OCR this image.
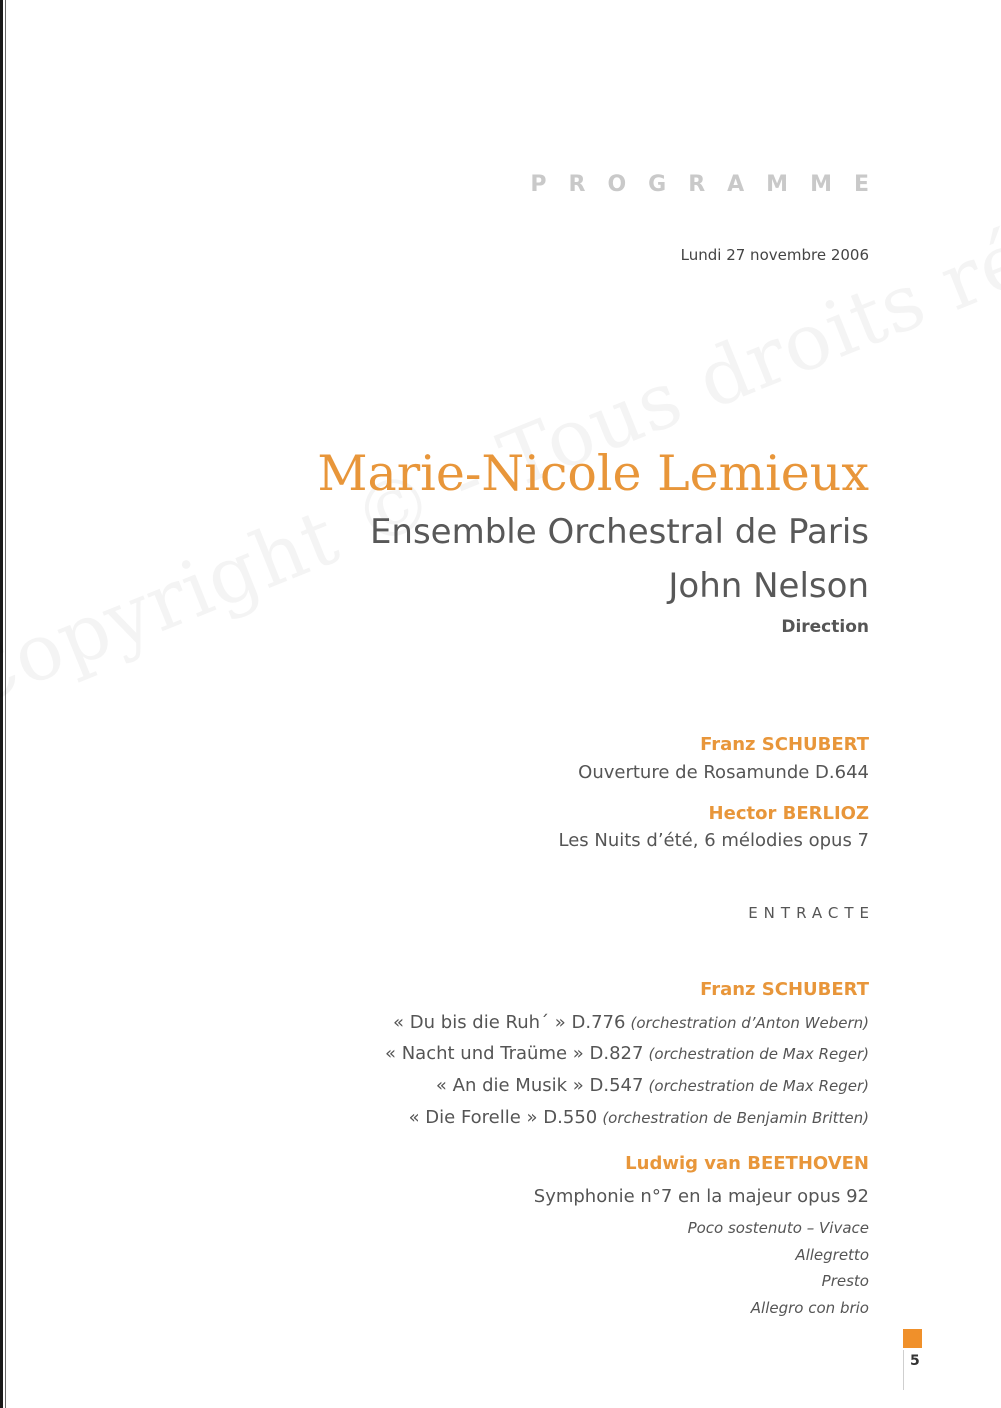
PROGRAMME
Lundi 27 novembre 2006
Marie-Nicole Lemieux
Ensemble Orchestral de Paris
John Nelson
Direction
Franz SCHUBERT
Ouverture de Rosamunde D.644
Hector BERLIOZ
Les Nuits d’été, 6 mélodies opus 7
ENTRACTE
Franz SCHUBERT
« Du bis die Ruh´ » D.776 (orchestration d’Anton Webern)
« Nacht und Traüme » D.827 (orchestration de Max Reger)
« An die Musik » D.547 (orchestration de Max Reger)
« Die Forelle » D.550 (orchestration de Benjamin Britten)
Ludwig van BEETHOVEN
Symphonie n°7 en la majeur opus 92
Poco sostenuto – Vivace
Allegretto
Presto
Allegro con brio
5
